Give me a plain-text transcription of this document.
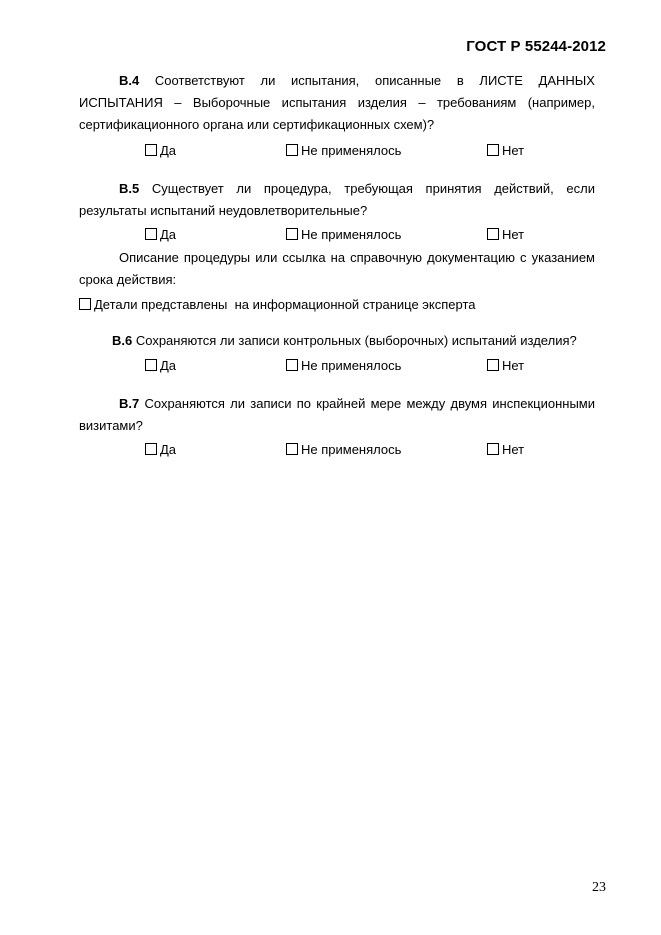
ГОСТ Р 55244-2012
В.4 Соответствуют ли испытания, описанные в ЛИСТЕ ДАННЫХ ИСПЫТАНИЯ – Выборочные испытания изделия – требованиям (например, сертификационного органа или сертификационных схем)?
Да	Не применялось	Нет
В.5 Существует ли процедура, требующая принятия действий, если результаты испытаний неудовлетворительные?
Да	Не применялось	Нет
Описание процедуры или ссылка на справочную документацию с указанием срока действия:
Детали представлены  на информационной странице эксперта
В.6 Сохраняются ли записи контрольных (выборочных) испытаний изделия?
Да	Не применялось	Нет
В.7 Сохраняются ли записи по крайней мере между двумя инспекционными визитами?
Да	Не применялось	Нет
23
